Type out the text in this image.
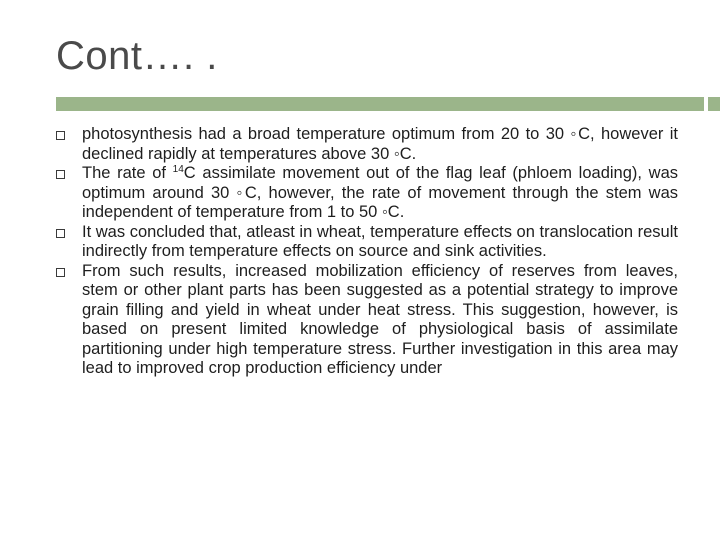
Cont…. .
photosynthesis had a broad temperature optimum from 20 to 30 ◦C, however it declined rapidly at temperatures above 30 ◦C.
The rate of $^{14}$C assimilate movement out of the flag leaf (phloem loading), was optimum around 30 ◦C, however, the rate of movement through the stem was independent of temperature from 1 to 50 ◦C.
It was concluded that, atleast in wheat, temperature effects on translocation result indirectly from temperature effects on source and sink activities.
From such results, increased mobilization efficiency of reserves from leaves, stem or other plant parts has been suggested as a potential strategy to improve grain filling and yield in wheat under heat stress. This suggestion, however, is based on present limited knowledge of physiological basis of assimilate partitioning under high temperature stress. Further investigation in this area may lead to improved crop production efficiency under
